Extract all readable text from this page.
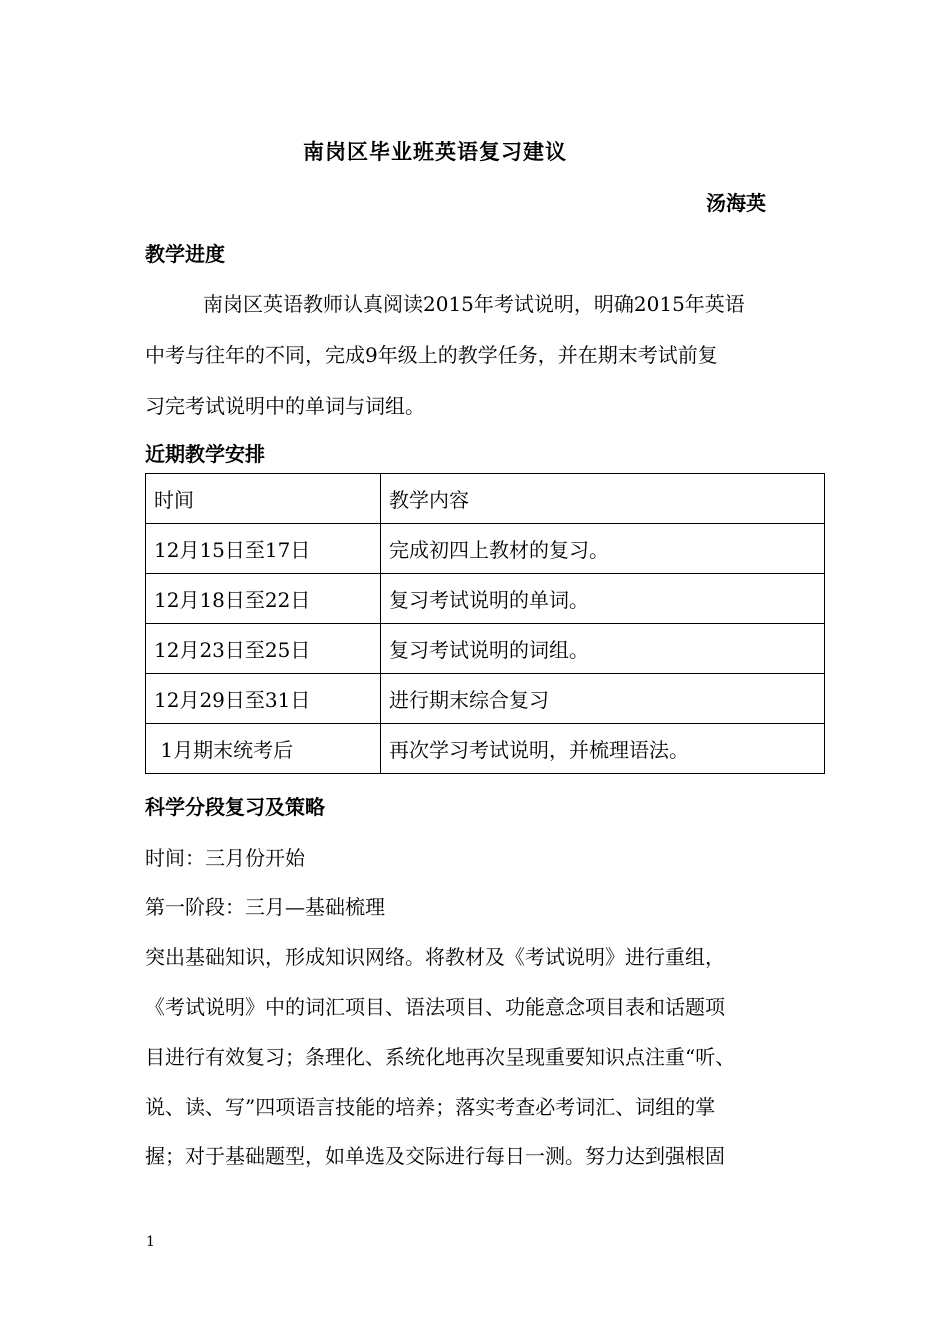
南岗区毕业班英语复习建议
汤海英
教学进度
南岗区英语教师认真阅读2015年考试说明，明确2015年英语
中考与往年的不同，完成9年级上的教学任务，并在期末考试前复
习完考试说明中的单词与词组。
近期教学安排
时间	教学内容
12月15日至17日	完成初四上教材的复习。
12月18日至22日	复习考试说明的单词。
12月23日至25日	复习考试说明的词组。
12月29日至31日	进行期末综合复习
1月期末统考后	再次学习考试说明，并梳理语法。
科学分段复习及策略
时间：三月份开始
第一阶段：三月—基础梳理
突出基础知识，形成知识网络。将教材及《考试说明》进行重组，
《考试说明》中的词汇项目、语法项目、功能意念项目表和话题项
目进行有效复习；条理化、系统化地再次呈现重要知识点注重“听、
说、读、写”四项语言技能的培养；落实考查必考词汇、词组的掌
握；对于基础题型，如单选及交际进行每日一测。努力达到强根固
1
